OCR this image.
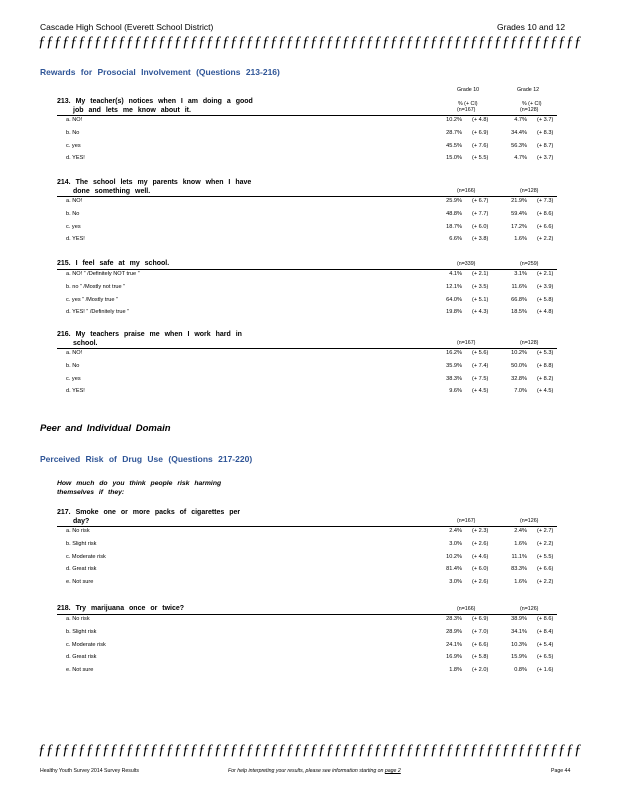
Cascade High School (Everett School District)	Grades 10 and 12
ƒƒƒƒƒƒƒƒƒƒƒƒƒƒƒƒƒƒƒƒƒƒƒƒƒƒƒƒƒƒƒƒƒƒƒƒƒƒƒƒƒƒƒƒƒƒƒƒƒƒƒƒƒƒƒƒƒƒƒƒƒƒƒƒƒƒƒƒ
Rewards for Prosocial Involvement (Questions 213-216)
Grade 10	Grade 12
% (+ CI)	% (+ CI)
213. My teacher(s) notices when I am doing a good
job and lets me know about it.	(n=167)	(n=128)
a. NO!	10.2% (+ 4.8)	4.7% (+ 3.7)
b. No	28.7% (+ 6.9)	34.4% (+ 8.3)
c. yes	45.5% (+ 7.6)	56.3% (+ 8.7)
d. YES!	15.0% (+ 5.5)	4.7% (+ 3.7)
214. The school lets my parents know when I have
done something well.	(n=166)	(n=128)
a. NO!	25.9% (+ 6.7)	21.9% (+ 7.3)
b. No	48.8% (+ 7.7)	59.4% (+ 8.6)
c. yes	18.7% (+ 6.0)	17.2% (+ 6.6)
d. YES!	6.6% (+ 3.8)	1.6% (+ 2.2)
215. I feel safe at my school.	(n=339)	(n=259)
a. NO! “ /Definitely NOT true ”	4.1% (+ 2.1)	3.1% (+ 2.1)
b. no “ /Mostly not true ”	12.1% (+ 3.5)	11.6% (+ 3.9)
c. yes “ /Mostly true ”	64.0% (+ 5.1)	66.8% (+ 5.8)
d. YES! “ /Definitely true ”	19.8% (+ 4.3)	18.5% (+ 4.8)
216. My teachers praise me when I work hard in
school.	(n=167)	(n=128)
a. NO!	16.2% (+ 5.6)	10.2% (+ 5.3)
b. No	35.9% (+ 7.4)	50.0% (+ 8.8)
c. yes	38.3% (+ 7.5)	32.8% (+ 8.2)
d. YES!	9.6% (+ 4.5)	7.0% (+ 4.5)
Peer and Individual Domain
Perceived Risk of Drug Use (Questions 217-220)
How much do you think people risk harming
themselves if they:
217. Smoke one or more packs of cigarettes per
day?	(n=167)	(n=126)
a. No risk	2.4% (+ 2.3)	2.4% (+ 2.7)
b. Slight risk	3.0% (+ 2.6)	1.6% (+ 2.2)
c. Moderate risk	10.2% (+ 4.6)	11.1% (+ 5.5)
d. Great risk	81.4% (+ 6.0)	83.3% (+ 6.6)
e. Not sure	3.0% (+ 2.6)	1.6% (+ 2.2)
218. Try marijuana once or twice?	(n=166)	(n=126)
a. No risk	28.3% (+ 6.9)	38.9% (+ 8.6)
b. Slight risk	28.9% (+ 7.0)	34.1% (+ 8.4)
c. Moderate risk	24.1% (+ 6.6)	10.3% (+ 5.4)
d. Great risk	16.9% (+ 5.8)	15.9% (+ 6.5)
e. Not sure	1.8% (+ 2.0)	0.8% (+ 1.6)
ƒƒƒƒƒƒƒƒƒƒƒƒƒƒƒƒƒƒƒƒƒƒƒƒƒƒƒƒƒƒƒƒƒƒƒƒƒƒƒƒƒƒƒƒƒƒƒƒƒƒƒƒƒƒƒƒƒƒƒƒƒƒƒƒƒƒƒƒ
Healthy Youth Survey 2014 Survey Results	For help interpreting your results, please see information starting on page 2	Page 44
